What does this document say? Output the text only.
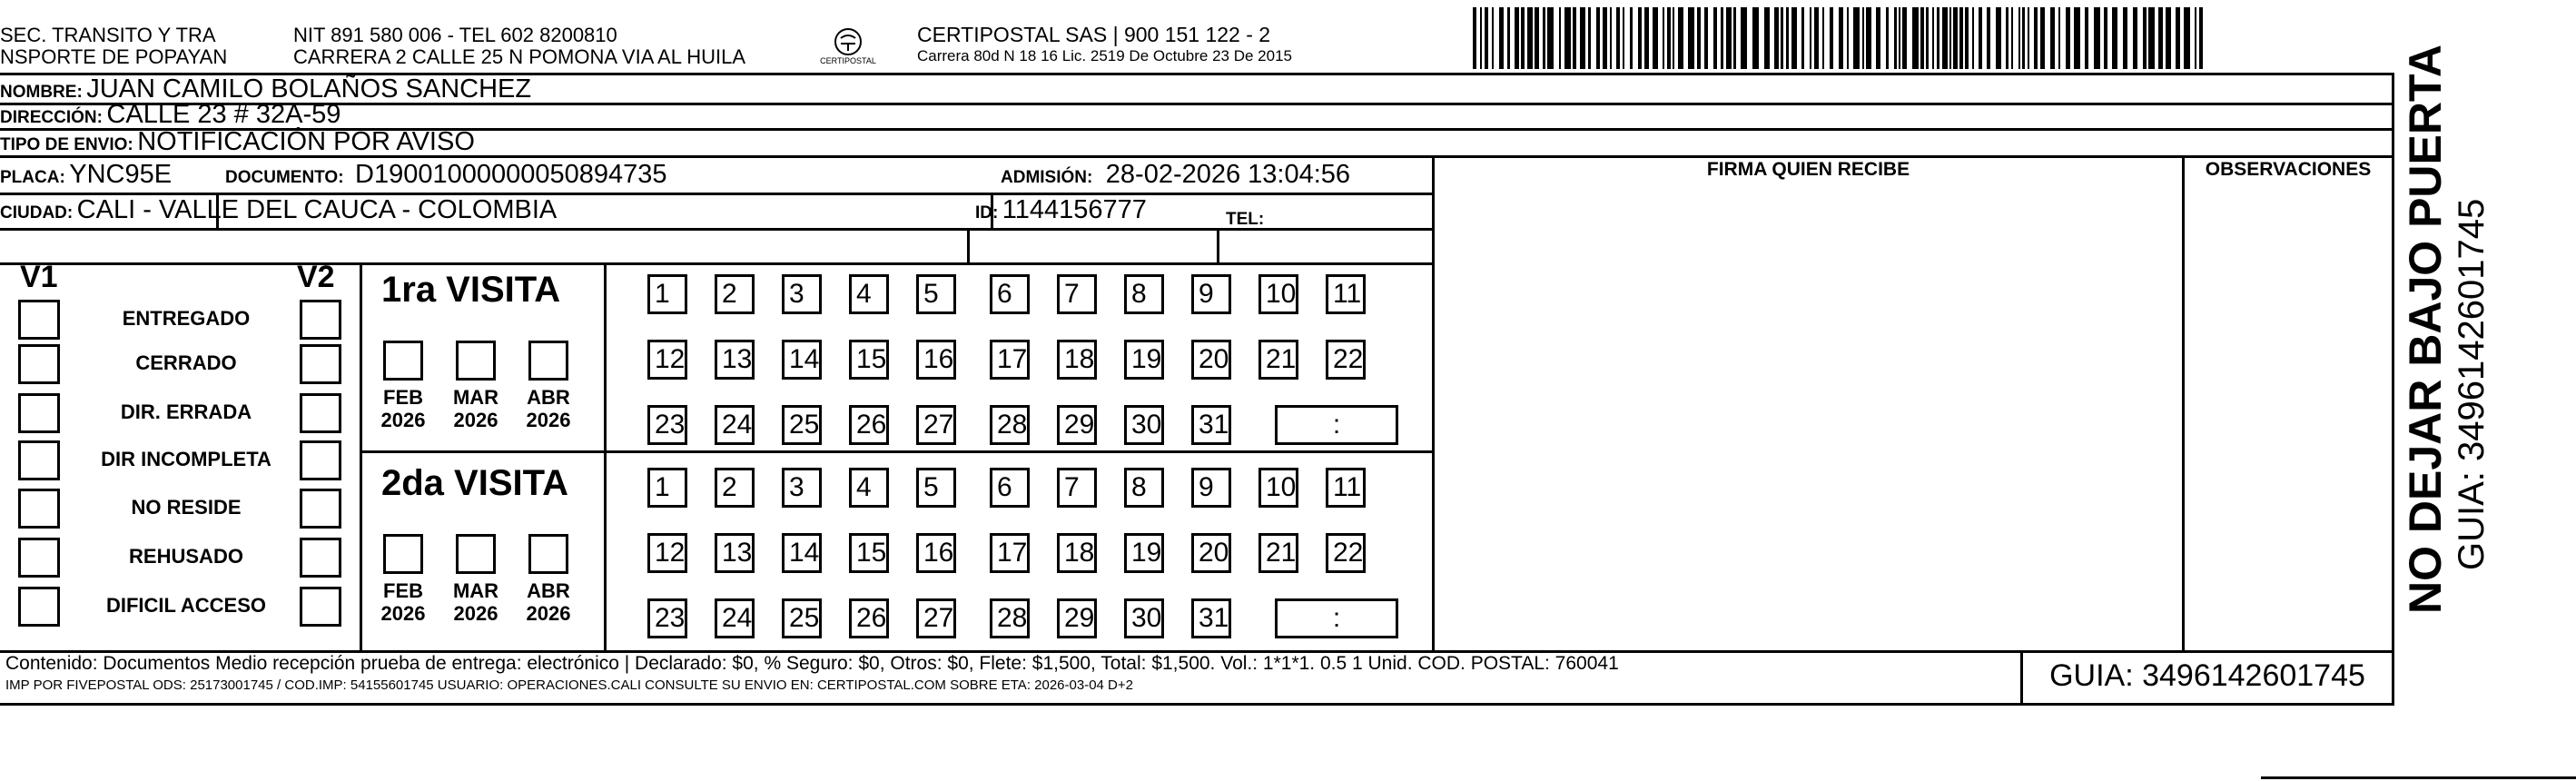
SEC. TRANSITO Y TRA
NSPORTE DE POPAYAN
NIT 891 580 006 - TEL 602 8200810
CARRERA 2 CALLE 25 N POMONA VIA AL HUILA	CERTIPOSTAL
CERTIPOSTAL SAS | 900 151 122 - 2
Carrera 80d N 18 16 Lic. 2519 De Octubre 23 De 2015
NOMBRE: JUAN CAMILO BOLAÑOS SANCHEZ
DIRECCIÓN: CALLE 23 # 32A-59
TIPO DE ENVIO: NOTIFICACIÓN POR AVISO
PLACA: YNC95E	DOCUMENTO: D19001000000050894735	ADMISIÓN: 28-02-2026 13:04:56
CIUDAD: CALI - VALLE DEL CAUCA - COLOMBIA	ID: 1144156777	TEL:
FIRMA QUIEN RECIBE	OBSERVACIONES
V1	V2
ENTREGADO
CERRADO
DIR. ERRADA
DIR INCOMPLETA
NO RESIDE
REHUSADO
DIFICIL ACCESO
1ra VISITA
2da VISITA
FEB
2026
MAR
2026
ABR
2026
FEB
2026
MAR
2026
ABR
2026
1	2	3	4	5	6	7	8	9	10 11
12 13 14 15 16 17 18 19 20 21 22
23 24 25 26 27 28 29 30 31	:
1	2	3	4	5	6	7	8	9	10 11
12 13 14 15 16 17 18 19 20 21 22
23 24 25 26 27 28 29 30 31	:
Contenido: Documentos Medio recepción prueba de entrega: electrónico | Declarado: $0, % Seguro: $0, Otros: $0, Flete: $1,500, Total: $1,500. Vol.: 1*1*1. 0.5 1 Unid. COD. POSTAL: 760041
IMP POR FIVEPOSTAL ODS: 25173001745 / COD.IMP: 54155601745 USUARIO: OPERACIONES.CALI CONSULTE SU ENVIO EN: CERTIPOSTAL.COM SOBRE ETA: 2026-03-04 D+2	GUIA: 3496142601745
NO DEJAR BAJO PUERTA GUIA: 3496142601745
